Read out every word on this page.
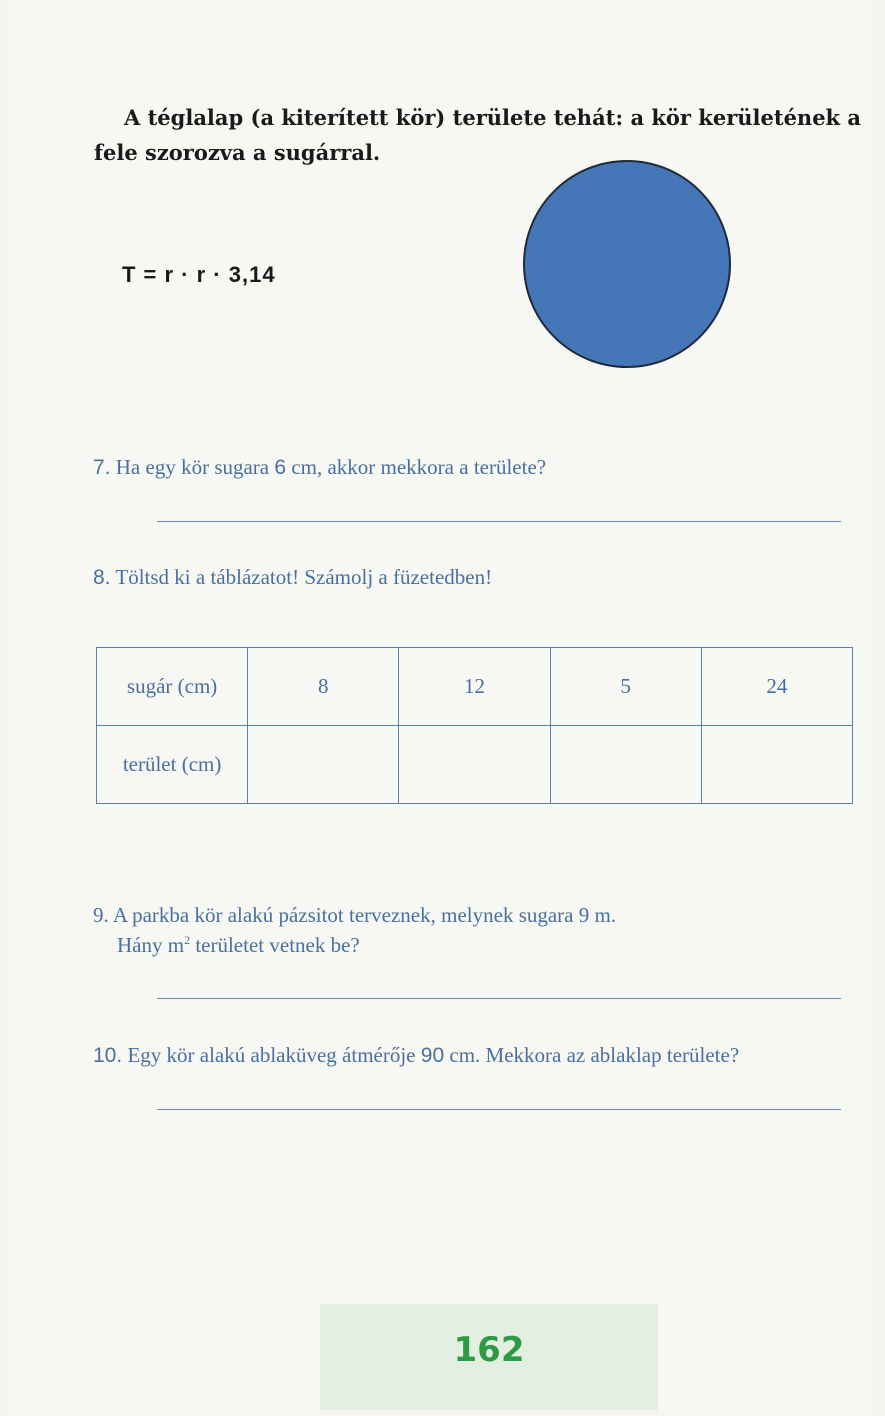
A téglalap (a kiterített kör) területe tehát: a kör kerületének a fele szorozva a sugárral.

T = r · r · 3,14
7. Ha egy kör sugara 6 cm, akkor mekkora a területe?
8. Töltsd ki a táblázatot! Számolj a füzetedben!
sugár (cm)	8	12	5	24
terület (cm)				
9. A parkba kör alakú pázsitot terveznek, melynek sugara 9 m.
Hány $m^2$ területet vetnek be?
10. Egy kör alakú ablaküveg átmérője 90 cm. Mekkora az ablaklap területe?
162
